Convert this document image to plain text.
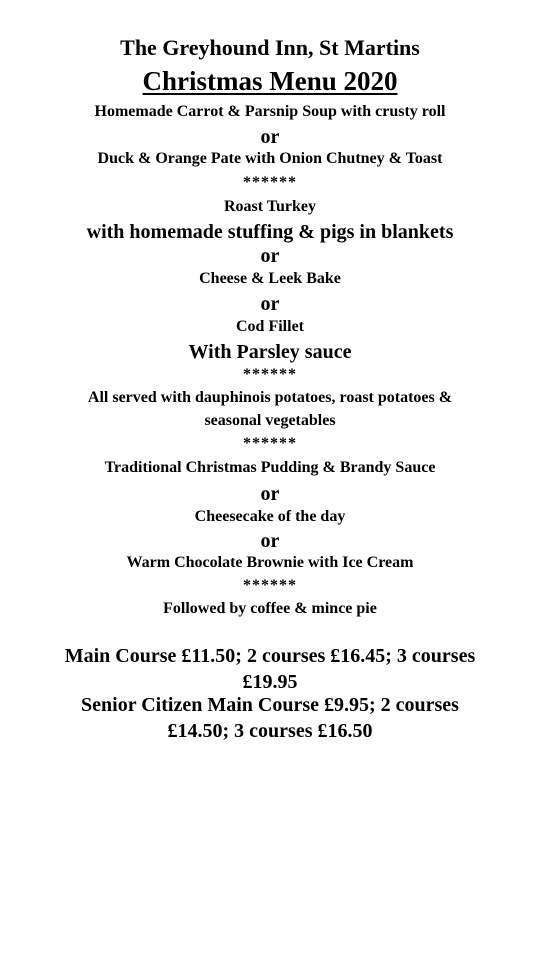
The Greyhound Inn, St Martins
Christmas Menu 2020
Homemade Carrot & Parsnip Soup with crusty roll
or
Duck & Orange Pate with Onion Chutney & Toast
******
Roast Turkey
with homemade stuffing & pigs in blankets
or
Cheese & Leek Bake
or
Cod Fillet
With Parsley sauce
******
All served with dauphinois potatoes, roast potatoes &
seasonal vegetables
******
Traditional Christmas Pudding & Brandy Sauce
or
Cheesecake of the day
or
Warm Chocolate Brownie with Ice Cream
******
Followed by coffee & mince pie
Main Course £11.50; 2 courses £16.45; 3 courses
£19.95
Senior Citizen Main Course £9.95; 2 courses
£14.50; 3 courses £16.50
